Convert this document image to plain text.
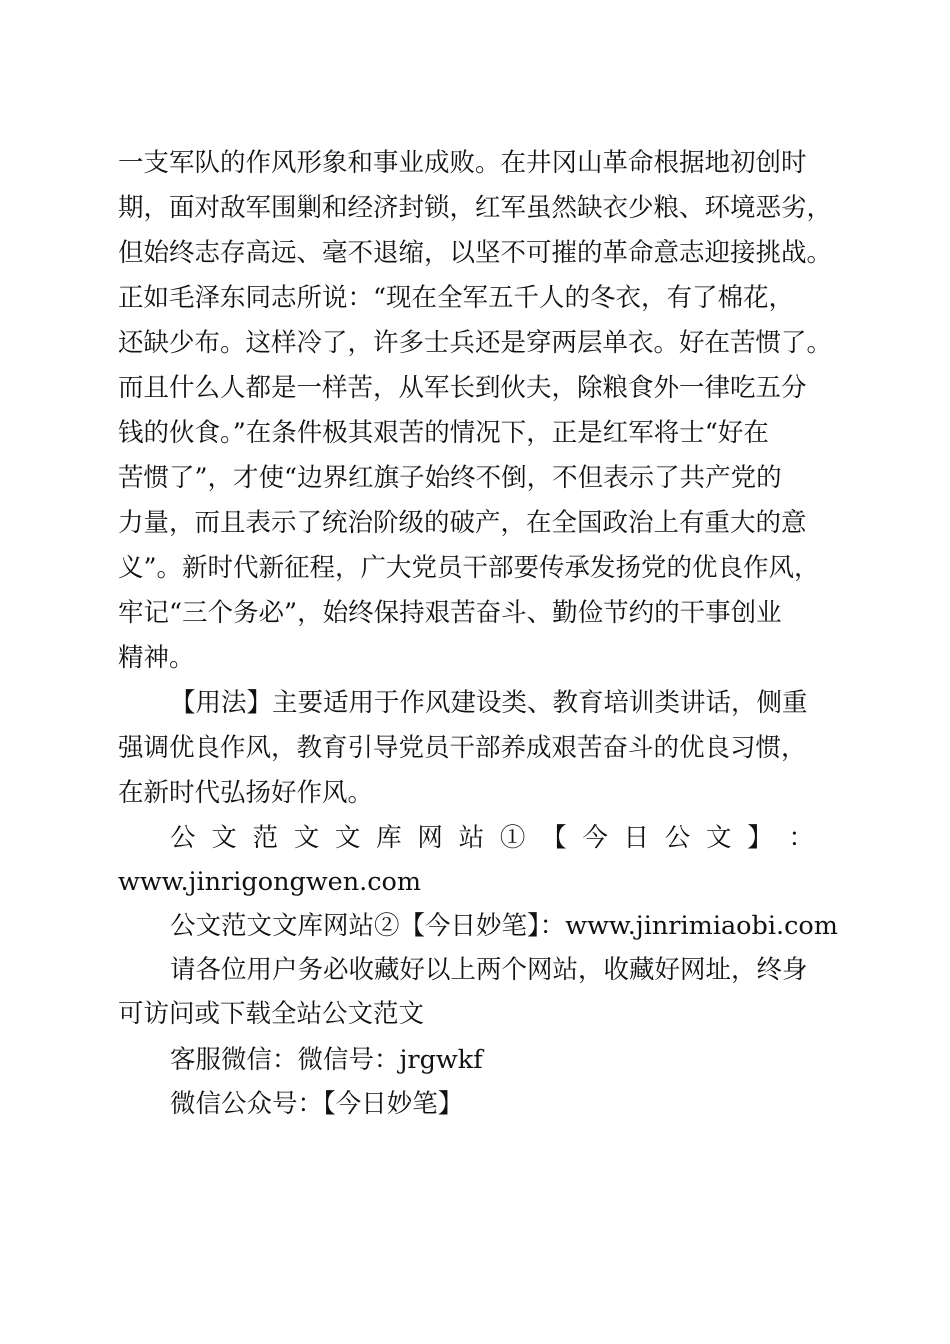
一支军队的作风形象和事业成败。在井冈山革命根据地初创时
期，面对敌军围剿和经济封锁，红军虽然缺衣少粮、环境恶劣，
但始终志存高远、毫不退缩，以坚不可摧的革命意志迎接挑战。
正如毛泽东同志所说：“现在全军五千人的冬衣，有了棉花，
还缺少布。这样冷了，许多士兵还是穿两层单衣。好在苦惯了。
而且什么人都是一样苦，从军长到伙夫，除粮食外一律吃五分
钱的伙食。”在条件极其艰苦的情况下，正是红军将士“好在
苦惯了”，才使“边界红旗子始终不倒，不但表示了共产党的
力量，而且表示了统治阶级的破产，在全国政治上有重大的意
义”。新时代新征程，广大党员干部要传承发扬党的优良作风，
牢记“三个务必”，始终保持艰苦奋斗、勤俭节约的干事创业
精神。
【用法】主要适用于作风建设类、教育培训类讲话，侧重
强调优良作风，教育引导党员干部养成艰苦奋斗的优良习惯，
在新时代弘扬好作风。
公 文 范 文 文 库 网 站 ① 【 今 日 公 文 】 ：
www.jinrigongwen.com
公文范文文库网站②【今日妙笔】：www.jinrimiaobi.com
请各位用户务必收藏好以上两个网站，收藏好网址，终身
可访问或下载全站公文范文
客服微信：微信号：jrgwkf
微信公众号：【今日妙笔】
